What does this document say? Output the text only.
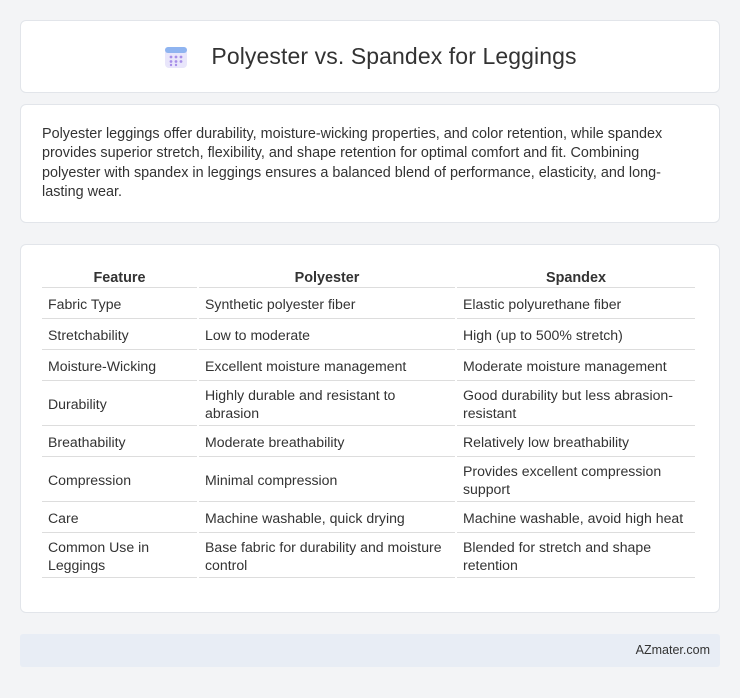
Polyester vs. Spandex for Leggings

Polyester leggings offer durability, moisture-wicking properties, and color retention, while spandex provides superior stretch, flexibility, and shape retention for optimal comfort and fit. Combining polyester with spandex in leggings ensures a balanced blend of performance, elasticity, and long-lasting wear.

Feature	Polyester	Spandex
Fabric Type	Synthetic polyester fiber	Elastic polyurethane fiber
Stretchability	Low to moderate	High (up to 500% stretch)
Moisture-Wicking	Excellent moisture management	Moderate moisture management
Durability	Highly durable and resistant to abrasion	Good durability but less abrasion-resistant
Breathability	Moderate breathability	Relatively low breathability
Compression	Minimal compression	Provides excellent compression support
Care	Machine washable, quick drying	Machine washable, avoid high heat
Common Use in Leggings	Base fabric for durability and moisture control	Blended for stretch and shape retention
AZmater.com
